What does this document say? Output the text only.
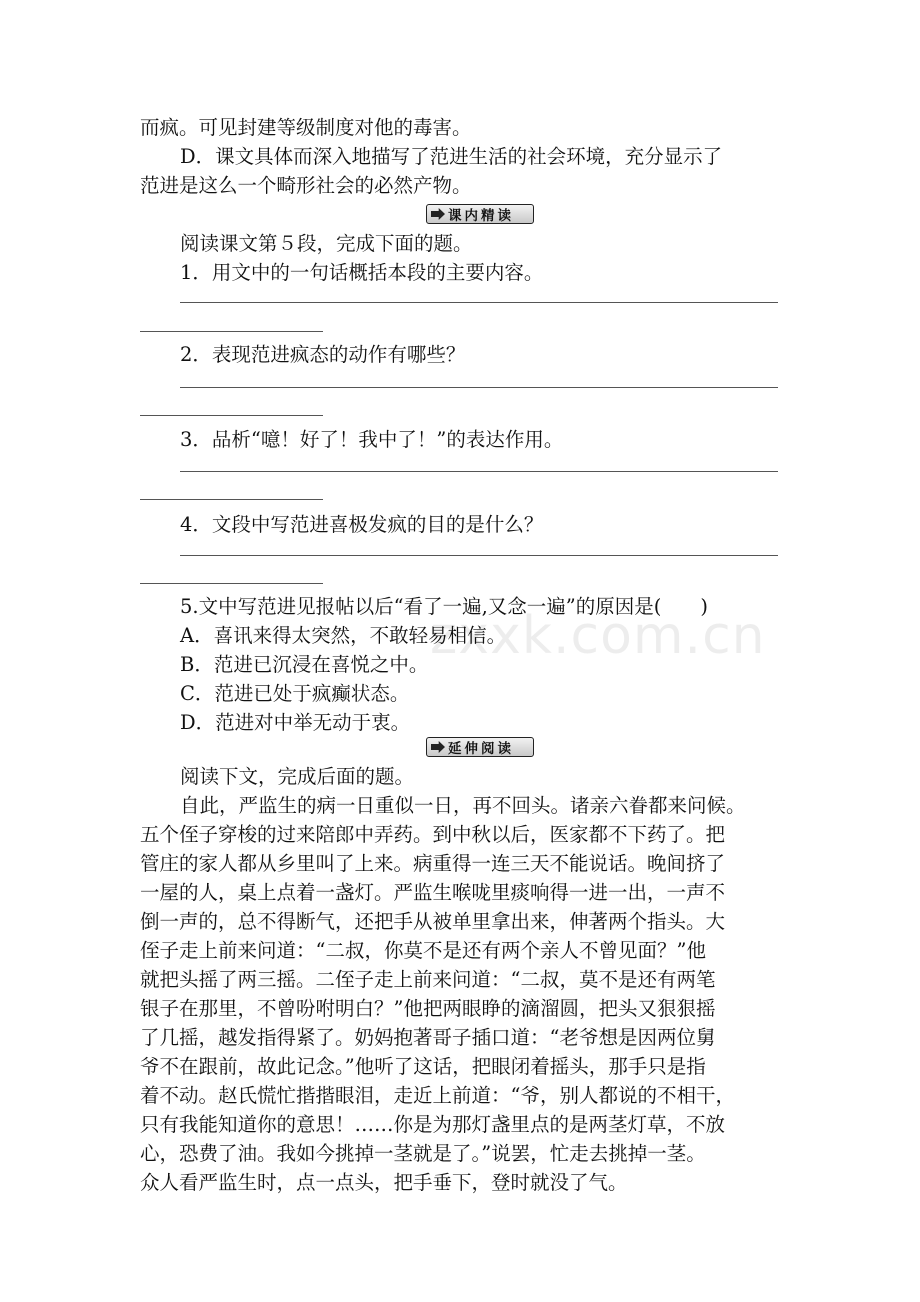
而疯。可见封建等级制度对他的毒害。
D．课文具体而深入地描写了范进生活的社会环境，充分显示了
范进是这么一个畸形社会的必然产物。
课内精读
阅读课文第５段，完成下面的题。
1．用文中的一句话概括本段的主要内容。
2．表现范进疯态的动作有哪些？
3．品析“噫！好了！我中了！”的表达作用。
4．文段中写范进喜极发疯的目的是什么？
5.文中写范进见报帖以后“看了一遍,又念一遍”的原因是(　　)
A．喜讯来得太突然，不敢轻易相信。
B．范进已沉浸在喜悦之中。
C．范进已处于疯癫状态。
D．范进对中举无动于衷。
延伸阅读
阅读下文，完成后面的题。
自此，严监生的病一日重似一日，再不回头。诸亲六眷都来问候。
五个侄子穿梭的过来陪郎中弄药。到中秋以后，医家都不下药了。把
管庄的家人都从乡里叫了上来。病重得一连三天不能说话。晚间挤了
一屋的人，桌上点着一盏灯。严监生喉咙里痰响得一进一出，一声不
倒一声的，总不得断气，还把手从被单里拿出来，伸著两个指头。大
侄子走上前来问道：“二叔，你莫不是还有两个亲人不曾见面？”他
就把头摇了两三摇。二侄子走上前来问道：“二叔，莫不是还有两笔
银子在那里，不曾吩咐明白？”他把两眼睁的滴溜圆，把头又狠狠摇
了几摇，越发指得紧了。奶妈抱著哥子插口道：“老爷想是因两位舅
爷不在跟前，故此记念。”他听了这话，把眼闭着摇头，那手只是指
着不动。赵氏慌忙揩揩眼泪，走近上前道：“爷，别人都说的不相干，
只有我能知道你的意思！……你是为那灯盏里点的是两茎灯草，不放
心，恐费了油。我如今挑掉一茎就是了。”说罢，忙走去挑掉一茎。
众人看严监生时，点一点头，把手垂下，登时就没了气。
zxxk.com.cn
